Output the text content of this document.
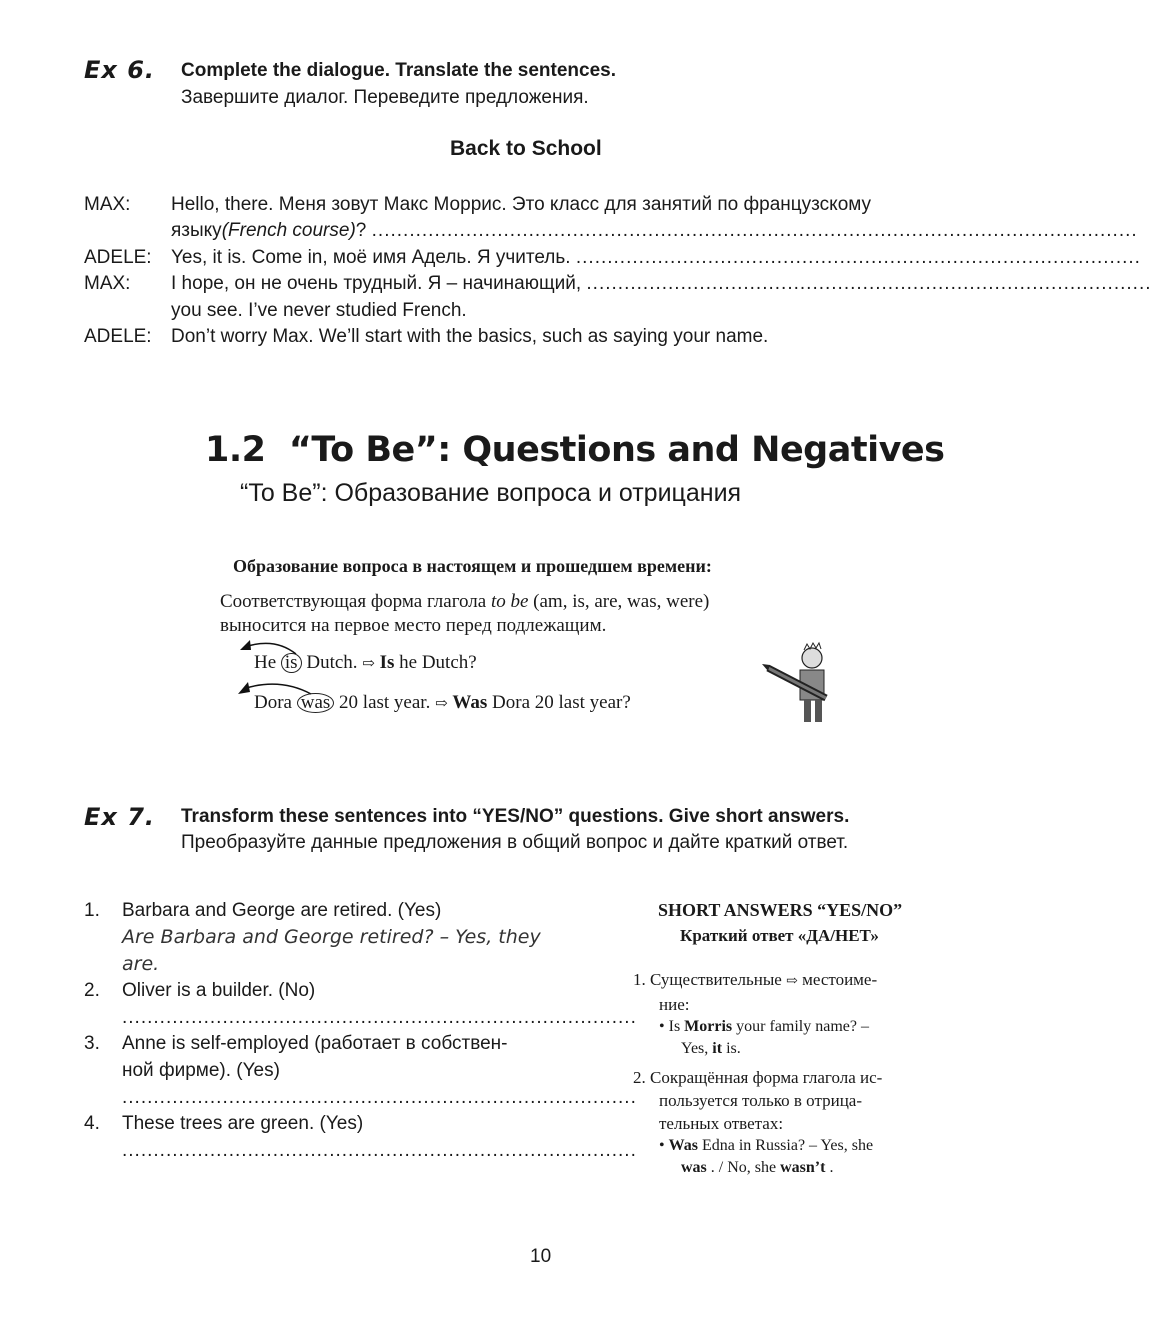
Ex 6. Complete the dialogue. Translate the sentences.
Завершите диалог. Переведите предложения.
Back to School
MAX: Hello, there. Меня зовут Макс Моррис. Это класс для занятий по французскому
языку(French course)? ..........................................................................................................................
ADELE: Yes, it is. Come in, моё имя Адель. Я учитель. ..........................................................................................
MAX: I hope, он не очень трудный. Я – начинающий, ..........................................................................................
you see. I’ve never studied French.
ADELE: Don’t worry Max. We’ll start with the basics, such as saying your name.
1.2  “To Be”: Questions and Negatives
“To Be”: Образование вопроса и отрицания
Образование вопроса в настоящем и прошедшем времени:
Соответствующая форма глагола to be (am, is, are, was, were)
выносится на первое место перед подлежащим.
He is Dutch. ⇨ Is he Dutch?
Dora was 20 last year. ⇨ Was Dora 20 last year?
Ex 7. Transform these sentences into “YES/NO” questions. Give short answers.
Преобразуйте данные предложения в общий вопрос и дайте краткий ответ.
1. Barbara and George are retired. (Yes)
Are Barbara and George retired? – Yes, they
are.
2. Oliver is a builder. (No)
..................................................................................
3. Anne is self-employed (работает в собствен-
ной фирме). (Yes)
..................................................................................
4. These trees are green. (Yes)
..................................................................................
SHORT ANSWERS “YES/NO”
Краткий ответ «ДА/НЕТ»
1. Существительные ⇨ местоиме-
ние:
• Is Morris your family name? –
Yes, it is.
2. Сокращённая форма глагола ис-
пользуется только в отрица-
тельных ответах:
• Was Edna in Russia? – Yes, she
was . / No, she wasn’t .
10
